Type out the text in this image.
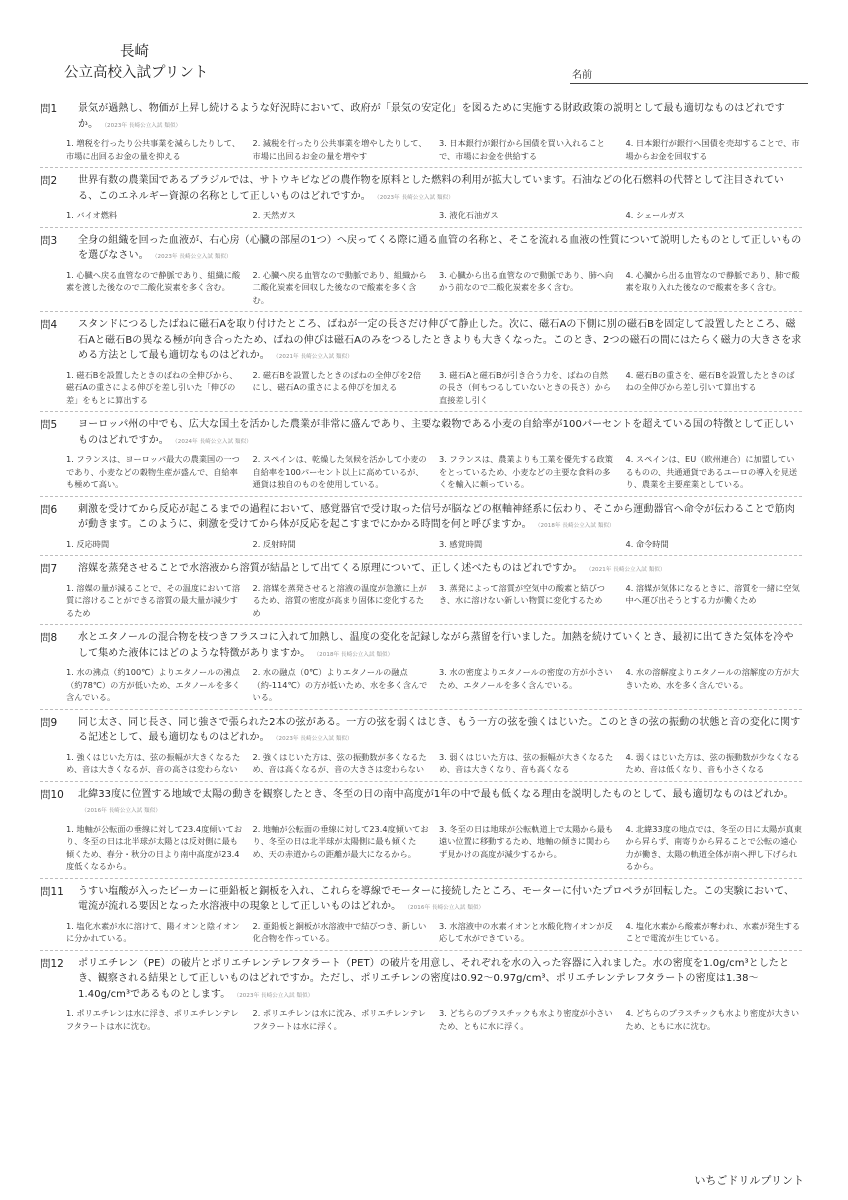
長崎
公立高校入試プリント	名前
問1	景気が過熱し、物価が上昇し続けるような好況時において、政府が「景気の安定化」を図るために実施する財政政策の説明として最も適切なものはどれですか。 （2023年 長崎公立入試 類似）
1. 増税を行ったり公共事業を減らしたりして、市場に出回るお金の量を抑える
2. 減税を行ったり公共事業を増やしたりして、市場に出回るお金の量を増やす
3. 日本銀行が銀行から国債を買い入れることで、市場にお金を供給する
4. 日本銀行が銀行へ国債を売却することで、市場からお金を回収する
問2	世界有数の農業国であるブラジルでは、サトウキビなどの農作物を原料とした燃料の利用が拡大しています。石油などの化石燃料の代替として注目されている、このエネルギー資源の名称として正しいものはどれですか。 （2023年 長崎公立入試 類似）
1. バイオ燃料	2. 天然ガス	3. 液化石油ガス	4. シェールガス
問3	全身の組織を回った血液が、右心房（心臓の部屋の1つ）へ戻ってくる際に通る血管の名称と、そこを流れる血液の性質について説明したものとして正しいものを選びなさい。 （2023年 長崎公立入試 類似）
1. 心臓へ戻る血管なので静脈であり、組織に酸素を渡した後なので二酸化炭素を多く含む。
2. 心臓へ戻る血管なので動脈であり、組織から二酸化炭素を回収した後なので酸素を多く含む。
3. 心臓から出る血管なので動脈であり、肺へ向かう前なので二酸化炭素を多く含む。
4. 心臓から出る血管なので静脈であり、肺で酸素を取り入れた後なので酸素を多く含む。
問4	スタンドにつるしたばねに磁石Aを取り付けたところ、ばねが一定の長さだけ伸びて静止した。次に、磁石Aの下側に別の磁石Bを固定して設置したところ、磁石Aと磁石Bの異なる極が向き合ったため、ばねの伸びは磁石Aのみをつるしたときよりも大きくなった。このとき、2つの磁石の間にはたらく磁力の大きさを求める方法として最も適切なものはどれか。 （2021年 長崎公立入試 類似）
1. 磁石Bを設置したときのばねの全伸びから、磁石Aの重さによる伸びを差し引いた「伸びの差」をもとに算出する
2. 磁石Bを設置したときのばねの全伸びを2倍にし、磁石Aの重さによる伸びを加える
3. 磁石Aと磁石Bが引き合う力を、ばねの自然の長さ（何もつるしていないときの長さ）から直接差し引く
4. 磁石Bの重さを、磁石Bを設置したときのばねの全伸びから差し引いて算出する
問5	ヨーロッパ州の中でも、広大な国土を活かした農業が非常に盛んであり、主要な穀物である小麦の自給率が100パーセントを超えている国の特徴として正しいものはどれですか。 （2024年 長崎公立入試 類似）
1. フランスは、ヨーロッパ最大の農業国の一つであり、小麦などの穀物生産が盛んで、自給率も極めて高い。
2. スペインは、乾燥した気候を活かして小麦の自給率を100パーセント以上に高めているが、通貨は独自のものを使用している。
3. フランスは、農業よりも工業を優先する政策をとっているため、小麦などの主要な食料の多くを輸入に頼っている。
4. スペインは、EU（欧州連合）に加盟しているものの、共通通貨であるユーロの導入を見送り、農業を主要産業としている。
問6	刺激を受けてから反応が起こるまでの過程において、感覚器官で受け取った信号が脳などの枢軸神経系に伝わり、そこから運動器官へ命令が伝わることで筋肉が動きます。このように、刺激を受けてから体が反応を起こすまでにかかる時間を何と呼びますか。 （2018年 長崎公立入試 類似）
1. 反応時間	2. 反射時間	3. 感覚時間	4. 命令時間
問7	溶媒を蒸発させることで水溶液から溶質が結晶として出てくる原理について、正しく述べたものはどれですか。 （2021年 長崎公立入試 類似）
1. 溶媒の量が減ることで、その温度において溶質に溶けることができる溶質の最大量が減少するため
2. 溶媒を蒸発させると溶液の温度が急激に上がるため、溶質の密度が高まり固体に変化するため
3. 蒸発によって溶質が空気中の酸素と結びつき、水に溶けない新しい物質に変化するため
4. 溶媒が気体になるときに、溶質を一緒に空気中へ運び出そうとする力が働くため
問8	水とエタノールの混合物を枝つきフラスコに入れて加熱し、温度の変化を記録しながら蒸留を行いました。加熱を続けていくとき、最初に出てきた気体を冷やして集めた液体にはどのような特徴がありますか。 （2018年 長崎公立入試 類似）
1. 水の沸点（約100℃）よりエタノールの沸点（約78℃）の方が低いため、エタノールを多く含んでいる。
2. 水の融点（0℃）よりエタノールの融点（約-114℃）の方が低いため、水を多く含んでいる。
3. 水の密度よりエタノールの密度の方が小さいため、エタノールを多く含んでいる。
4. 水の溶解度よりエタノールの溶解度の方が大きいため、水を多く含んでいる。
問9	同じ太さ、同じ長さ、同じ強さで張られた2本の弦がある。一方の弦を弱くはじき、もう一方の弦を強くはじいた。このときの弦の振動の状態と音の変化に関する記述として、最も適切なものはどれか。 （2023年 長崎公立入試 類似）
1. 強くはじいた方は、弦の振幅が大きくなるため、音は大きくなるが、音の高さは変わらない
2. 強くはじいた方は、弦の振動数が多くなるため、音は高くなるが、音の大きさは変わらない
3. 弱くはじいた方は、弦の振幅が大きくなるため、音は大きくなり、音も高くなる
4. 弱くはじいた方は、弦の振動数が少なくなるため、音は低くなり、音も小さくなる
問10	北緯33度に位置する地域で太陽の動きを観察したとき、冬至の日の南中高度が1年の中で最も低くなる理由を説明したものとして、最も適切なものはどれか。（2016年 長崎公立入試 類似）
1. 地軸が公転面の垂線に対して23.4度傾いており、冬至の日は北半球が太陽とは反対側に最も傾くため、春分・秋分の日より南中高度が23.4度低くなるから。
2. 地軸が公転面の垂線に対して23.4度傾いており、冬至の日は北半球が太陽側に最も傾くため、天の赤道からの距離が最大になるから。
3. 冬至の日は地球が公転軌道上で太陽から最も遠い位置に移動するため、地軸の傾きに関わらず見かけの高度が減少するから。
4. 北緯33度の地点では、冬至の日に太陽が真東から昇らず、南寄りから昇ることで公転の遠心力が働き、太陽の軌道全体が南へ押し下げられるから。
問11	うすい塩酸が入ったビーカーに亜鉛板と銅板を入れ、これらを導線でモーターに接続したところ、モーターに付いたプロペラが回転した。この実験において、電流が流れる要因となった水溶液中の現象として正しいものはどれか。 （2016年 長崎公立入試 類似）
1. 塩化水素が水に溶けて、陽イオンと陰イオンに分かれている。
2. 亜鉛板と銅板が水溶液中で結びつき、新しい化合物を作っている。
3. 水溶液中の水素イオンと水酸化物イオンが反応して水ができている。
4. 塩化水素から酸素が奪われ、水素が発生することで電流が生じている。
問12	ポリエチレン（PE）の破片とポリエチレンテレフタラート（PET）の破片を用意し、それぞれを水の入った容器に入れました。水の密度を1.0g/cm³としたとき、観察される結果として正しいものはどれですか。ただし、ポリエチレンの密度は0.92〜0.97g/cm³、ポリエチレンテレフタラートの密度は1.38〜1.40g/cm³であるものとします。 （2023年 長崎公立入試 類似）
1. ポリエチレンは水に浮き、ポリエチレンテレフタラートは水に沈む。
2. ポリエチレンは水に沈み、ポリエチレンテレフタラートは水に浮く。
3. どちらのプラスチックも水より密度が小さいため、ともに水に浮く。
4. どちらのプラスチックも水より密度が大きいため、ともに水に沈む。
いちごドリルプリント
